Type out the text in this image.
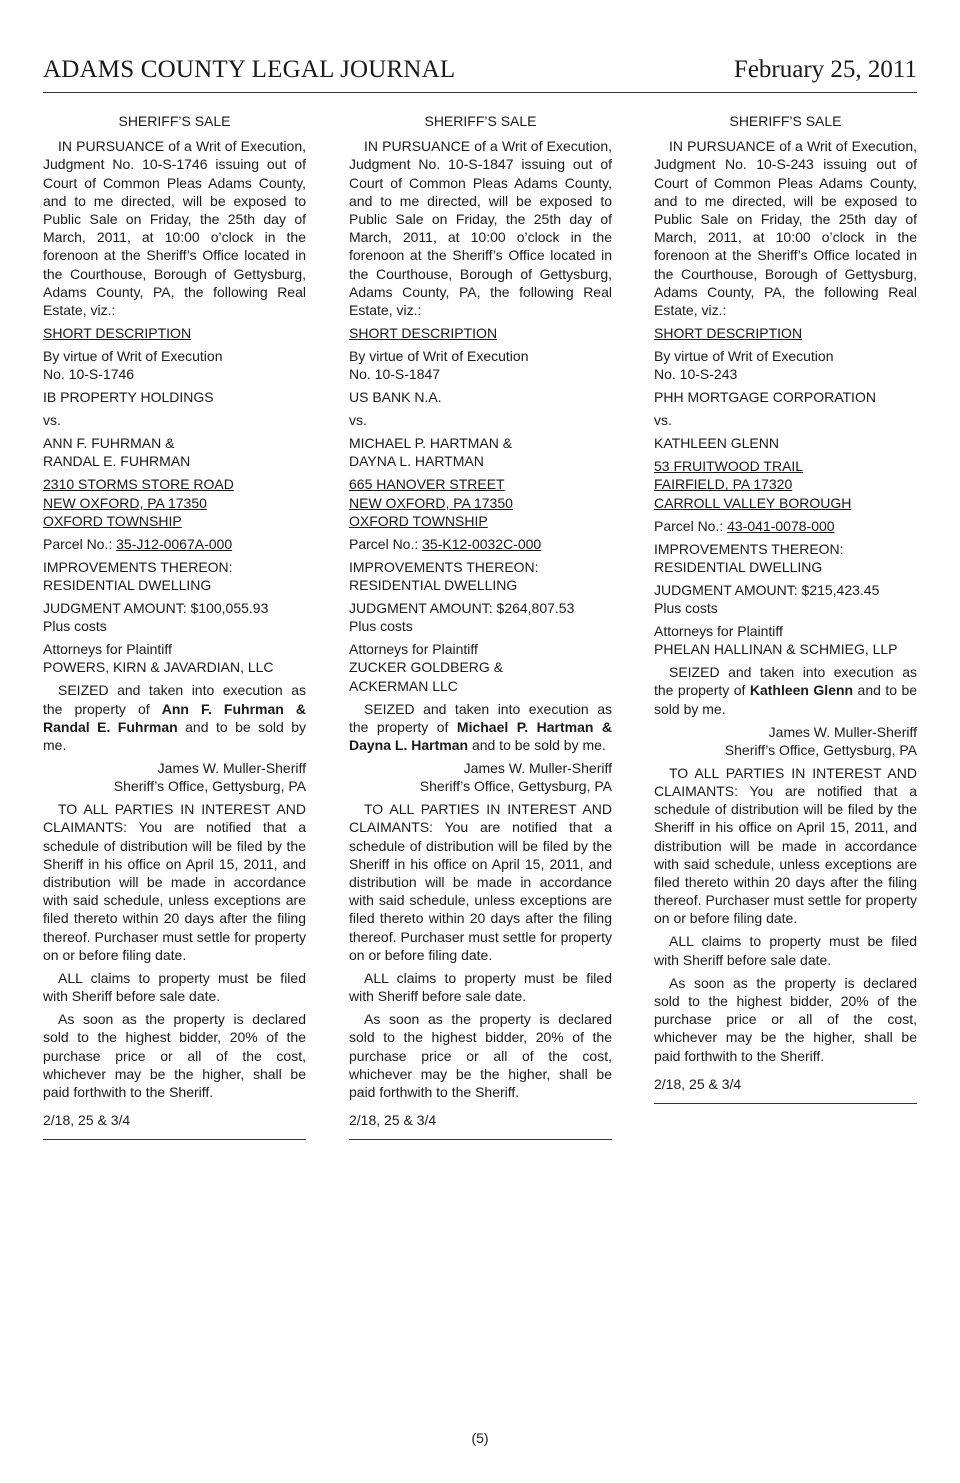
ADAMS COUNTY LEGAL JOURNAL	February 25, 2011

SHERIFF’S SALE

IN PURSUANCE of a Writ of Execution, Judgment No. 10-S-1746 issuing out of Court of Common Pleas Adams County, and to me directed, will be exposed to Public Sale on Friday, the 25th day of March, 2011, at 10:00 o’clock in the forenoon at the Sheriff’s Office located in the Courthouse, Borough of Gettysburg, Adams County, PA, the following Real Estate, viz.:

SHORT DESCRIPTION

By virtue of Writ of Execution
No. 10-S-1746

IB PROPERTY HOLDINGS

vs.

ANN F. FUHRMAN &
RANDAL E. FUHRMAN

2310 STORMS STORE ROAD
NEW OXFORD, PA 17350
OXFORD TOWNSHIP

Parcel No.: 35-J12-0067A-000

IMPROVEMENTS THEREON:
RESIDENTIAL DWELLING

JUDGMENT AMOUNT: $100,055.93
Plus costs

Attorneys for Plaintiff
POWERS, KIRN & JAVARDIAN, LLC

SEIZED and taken into execution as the property of Ann F. Fuhrman & Randal E. Fuhrman and to be sold by me.

James W. Muller-Sheriff
Sheriff’s Office, Gettysburg, PA

TO ALL PARTIES IN INTEREST AND CLAIMANTS: You are notified that a schedule of distribution will be filed by the Sheriff in his office on April 15, 2011, and distribution will be made in accordance with said schedule, unless exceptions are filed thereto within 20 days after the filing thereof. Purchaser must settle for property on or before filing date.

ALL claims to property must be filed with Sheriff before sale date.

As soon as the property is declared sold to the highest bidder, 20% of the purchase price or all of the cost, whichever may be the higher, shall be paid forthwith to the Sheriff.

2/18, 25 & 3/4

SHERIFF’S SALE

IN PURSUANCE of a Writ of Execution, Judgment No. 10-S-1847 issuing out of Court of Common Pleas Adams County, and to me directed, will be exposed to Public Sale on Friday, the 25th day of March, 2011, at 10:00 o’clock in the forenoon at the Sheriff’s Office located in the Courthouse, Borough of Gettysburg, Adams County, PA, the following Real Estate, viz.:

SHORT DESCRIPTION

By virtue of Writ of Execution
No. 10-S-1847

US BANK N.A.

vs.

MICHAEL P. HARTMAN &
DAYNA L. HARTMAN

665 HANOVER STREET
NEW OXFORD, PA 17350
OXFORD TOWNSHIP

Parcel No.: 35-K12-0032C-000

IMPROVEMENTS THEREON:
RESIDENTIAL DWELLING

JUDGMENT AMOUNT: $264,807.53
Plus costs

Attorneys for Plaintiff
ZUCKER GOLDBERG &
ACKERMAN LLC

SEIZED and taken into execution as the property of Michael P. Hartman & Dayna L. Hartman and to be sold by me.

James W. Muller-Sheriff
Sheriff’s Office, Gettysburg, PA

TO ALL PARTIES IN INTEREST AND CLAIMANTS: You are notified that a schedule of distribution will be filed by the Sheriff in his office on April 15, 2011, and distribution will be made in accordance with said schedule, unless exceptions are filed thereto within 20 days after the filing thereof. Purchaser must settle for property on or before filing date.

ALL claims to property must be filed with Sheriff before sale date.

As soon as the property is declared sold to the highest bidder, 20% of the purchase price or all of the cost, whichever may be the higher, shall be paid forthwith to the Sheriff.

2/18, 25 & 3/4

SHERIFF’S SALE

IN PURSUANCE of a Writ of Execution, Judgment No. 10-S-243 issuing out of Court of Common Pleas Adams County, and to me directed, will be exposed to Public Sale on Friday, the 25th day of March, 2011, at 10:00 o’clock in the forenoon at the Sheriff’s Office located in the Courthouse, Borough of Gettysburg, Adams County, PA, the following Real Estate, viz.:

SHORT DESCRIPTION

By virtue of Writ of Execution
No. 10-S-243

PHH MORTGAGE CORPORATION

vs.

KATHLEEN GLENN

53 FRUITWOOD TRAIL
FAIRFIELD, PA 17320
CARROLL VALLEY BOROUGH

Parcel No.: 43-041-0078-000

IMPROVEMENTS THEREON:
RESIDENTIAL DWELLING

JUDGMENT AMOUNT: $215,423.45
Plus costs

Attorneys for Plaintiff
PHELAN HALLINAN & SCHMIEG, LLP

SEIZED and taken into execution as the property of Kathleen Glenn and to be sold by me.

James W. Muller-Sheriff
Sheriff’s Office, Gettysburg, PA

TO ALL PARTIES IN INTEREST AND CLAIMANTS: You are notified that a schedule of distribution will be filed by the Sheriff in his office on April 15, 2011, and distribution will be made in accordance with said schedule, unless exceptions are filed thereto within 20 days after the filing thereof. Purchaser must settle for property on or before filing date.

ALL claims to property must be filed with Sheriff before sale date.

As soon as the property is declared sold to the highest bidder, 20% of the purchase price or all of the cost, whichever may be the higher, shall be paid forthwith to the Sheriff.

2/18, 25 & 3/4

(5)
